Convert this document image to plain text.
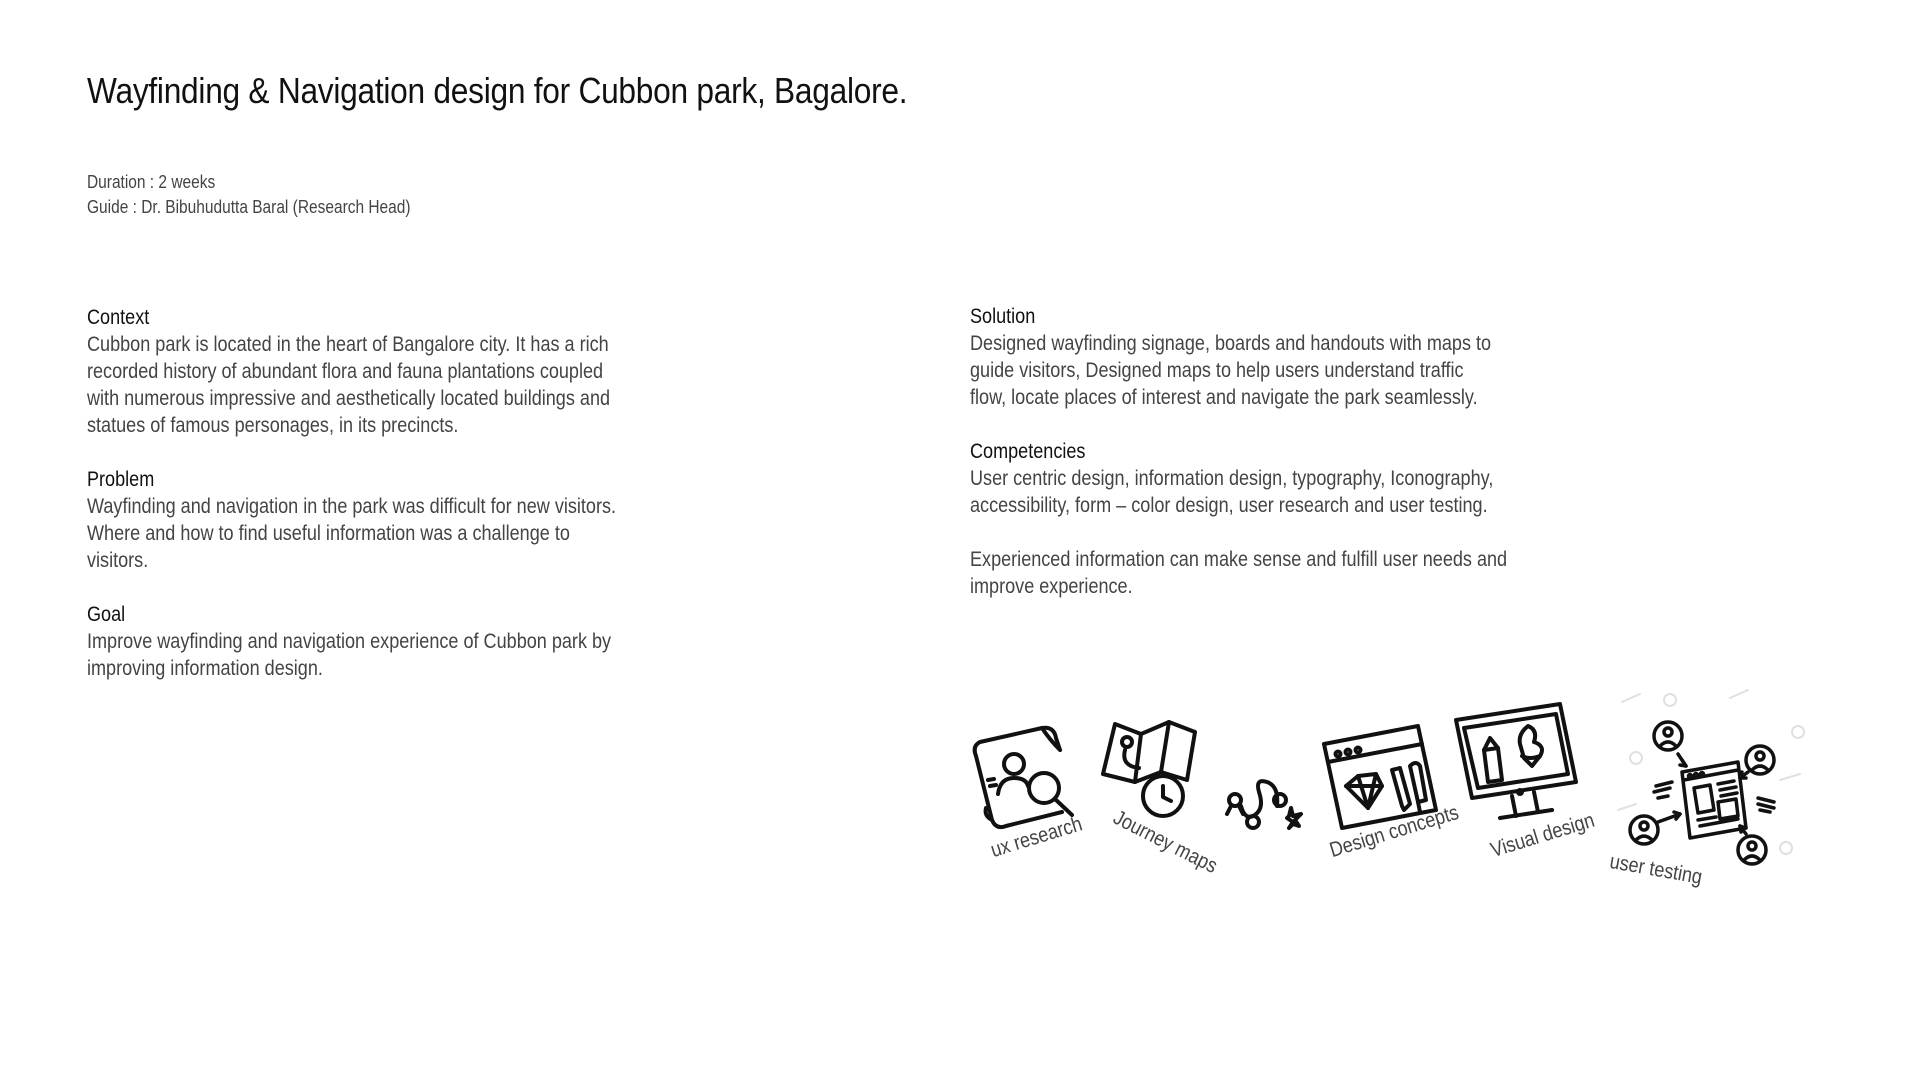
Wayfinding & Navigation design for Cubbon park, Bagalore.
Duration : 2 weeks
Guide : Dr. Bibuhudutta Baral (Research Head)
Context
Cubbon park is located in the heart of Bangalore city. It has a rich
recorded history of abundant flora and fauna plantations coupled
with numerous impressive and aesthetically located buildings and
statues of famous personages, in its precincts.
Problem
Wayfinding and navigation in the park was difficult for new visitors.
Where and how to find useful information was a challenge to
visitors.
Goal
Improve wayfinding and navigation experience of Cubbon park by
improving information design.
Solution
Designed wayfinding signage, boards and handouts with maps to
guide visitors, Designed maps to help users understand traffic
flow, locate places of interest and navigate the park seamlessly.
Competencies
User centric design, information design, typography, Iconography,
accessibility, form – color design, user research and user testing.
Experienced information can make sense and fulfill user needs and
improve experience.
ux research Journey maps	Design concepts Visual design
user testing
